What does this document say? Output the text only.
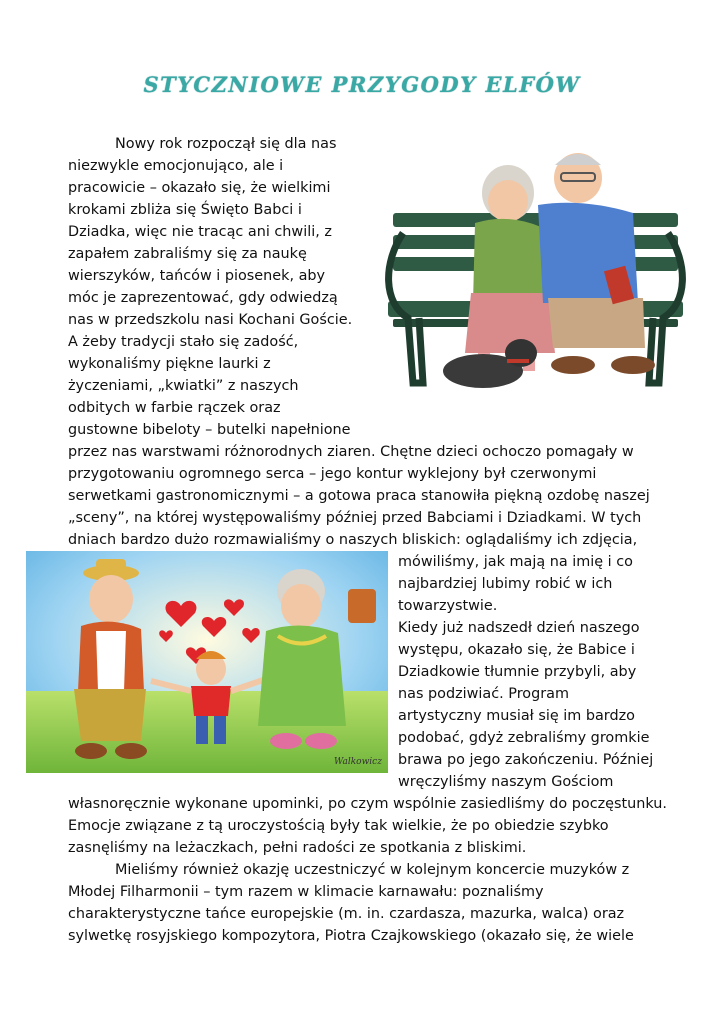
STYCZNIOWE PRZYGODY ELFÓW

Nowy rok rozpoczął się dla nas

niezwykle emocjonująco, ale i

pracowicie – okazało się, że wielkimi

krokami zbliża się Święto Babci i

Dziadka, więc nie tracąc ani chwili, z

zapałem zabraliśmy się za naukę

wierszyków, tańców i piosenek, aby

móc je zaprezentować, gdy odwiedzą

nas w przedszkolu nasi Kochani Goście.

A żeby tradycji stało się zadość,

wykonaliśmy piękne laurki z

życzeniami, „kwiatki” z naszych

odbitych w farbie rączek oraz

gustowne bibeloty – butelki napełnione

przez nas warstwami różnorodnych ziaren. Chętne dzieci ochoczo pomagały w

przygotowaniu ogromnego serca – jego kontur wyklejony był czerwonymi

serwetkami gastronomicznymi – a gotowa praca stanowiła piękną ozdobę naszej

„sceny”, na której występowaliśmy później przed Babciami i Dziadkami. W tych

dniach bardzo dużo rozmawialiśmy o naszych bliskich: oglądaliśmy ich zdjęcia,

mówiliśmy, jak mają na imię i co

najbardziej lubimy robić w ich

towarzystwie.

Kiedy już nadszedł dzień naszego

występu, okazało się, że Babice i

Dziadkowie tłumnie przybyli, aby

nas podziwiać. Program

artystyczny musiał się im bardzo

podobać, gdyż zebraliśmy gromkie

brawa po jego zakończeniu. Później

wręczyliśmy naszym Gościom

własnoręcznie wykonane upominki, po czym wspólnie zasiedliśmy do poczęstunku.

Emocje związane z tą uroczystością były tak wielkie, że po obiedzie szybko

zasnęliśmy na leżaczkach, pełni radości ze spotkania z bliskimi.

Mieliśmy również okazję uczestniczyć w kolejnym koncercie muzyków z

Młodej Filharmonii – tym razem w klimacie karnawału: poznaliśmy

charakterystyczne tańce europejskie (m. in. czardasza, mazurka, walca) oraz

sylwetkę rosyjskiego kompozytora, Piotra Czajkowskiego (okazało się, że wiele

Walkowicz
